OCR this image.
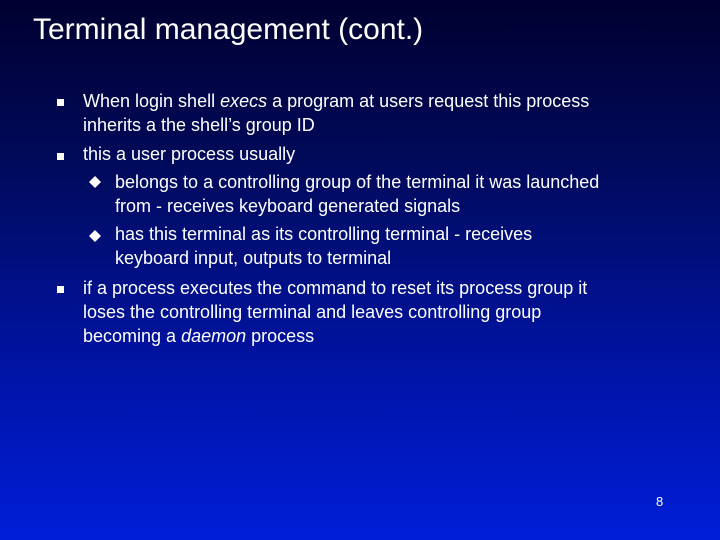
Terminal management (cont.)
When login shell execs a program at users request this process
inherits a the shell’s group ID
this a user process usually
belongs to a controlling group of the terminal it was launched
from - receives keyboard generated signals
has this terminal as its controlling terminal - receives
keyboard input, outputs to terminal
if a process executes the command to reset its process group it
loses the controlling terminal and leaves controlling group
becoming a daemon process
8
